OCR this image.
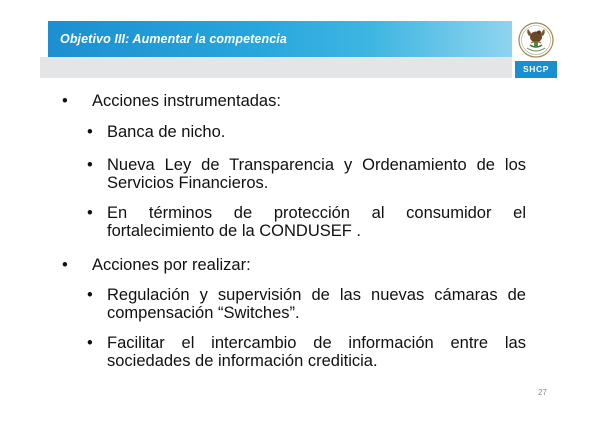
Objetivo III: Aumentar la competencia
SHCP
• Acciones instrumentadas:
• Banca de nicho.
• Nueva Ley de Transparencia y Ordenamiento de los Servicios Financieros.
• En términos de protección al consumidor el fortalecimiento de la CONDUSEF .
• Acciones por realizar:
• Regulación y supervisión de las nuevas cámaras de compensación “Switches”.
• Facilitar el intercambio de información entre las sociedades de información crediticia.
27
